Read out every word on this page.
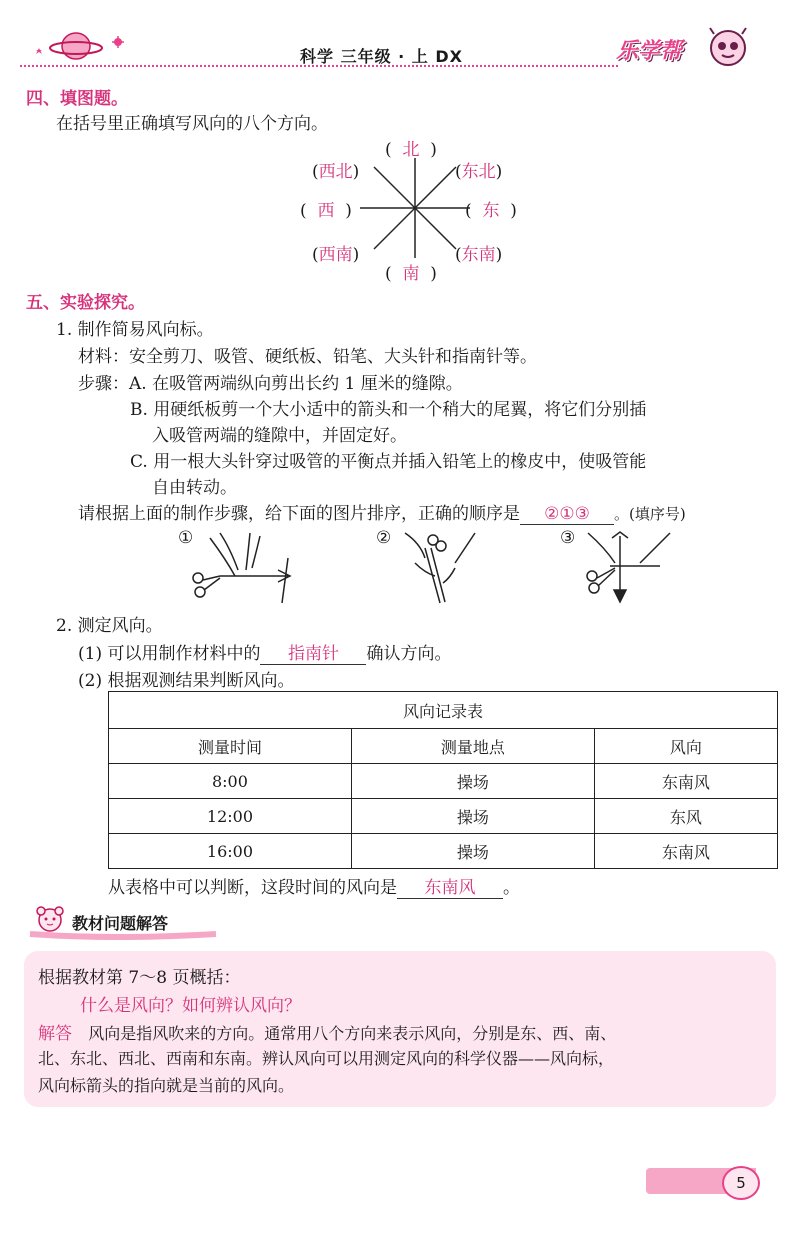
科学 三年级 · 上 DX	乐学帮
四、填图题。
在括号里正确填写风向的八个方向。
(  北  )
(西北)	(东北)
(  西  )	(  东  )
(西南)	(东南)
(  南  )
五、实验探究。
1. 制作简易风向标。
材料：安全剪刀、吸管、硬纸板、铅笔、大头针和指南针等。
步骤：A. 在吸管两端纵向剪出长约 1 厘米的缝隙。
B. 用硬纸板剪一个大小适中的箭头和一个稍大的尾翼，将它们分别插
入吸管两端的缝隙中，并固定好。
C. 用一根大头针穿过吸管的平衡点并插入铅笔上的橡皮中，使吸管能
自由转动。
请根据上面的制作步骤，给下面的图片排序，正确的顺序是 ②①③ 。(填序号)
①	②	③
2. 测定风向。
(1) 可以用制作材料中的 指南针 确认方向。
(2) 根据观测结果判断风向。
风向记录表		
测量时间	测量地点	风向
8:00	操场	东南风
12:00	操场	东风
16:00	操场	东南风
从表格中可以判断，这段时间的风向是 东南风 。
教材问题解答
根据教材第 7～8 页概括：
什么是风向？如何辨认风向？
解答 风向是指风吹来的方向。通常用八个方向来表示风向，分别是东、西、南、
北、东北、西北、西南和东南。辨认风向可以用测定风向的科学仪器——风向标，
风向标箭头的指向就是当前的风向。
5
